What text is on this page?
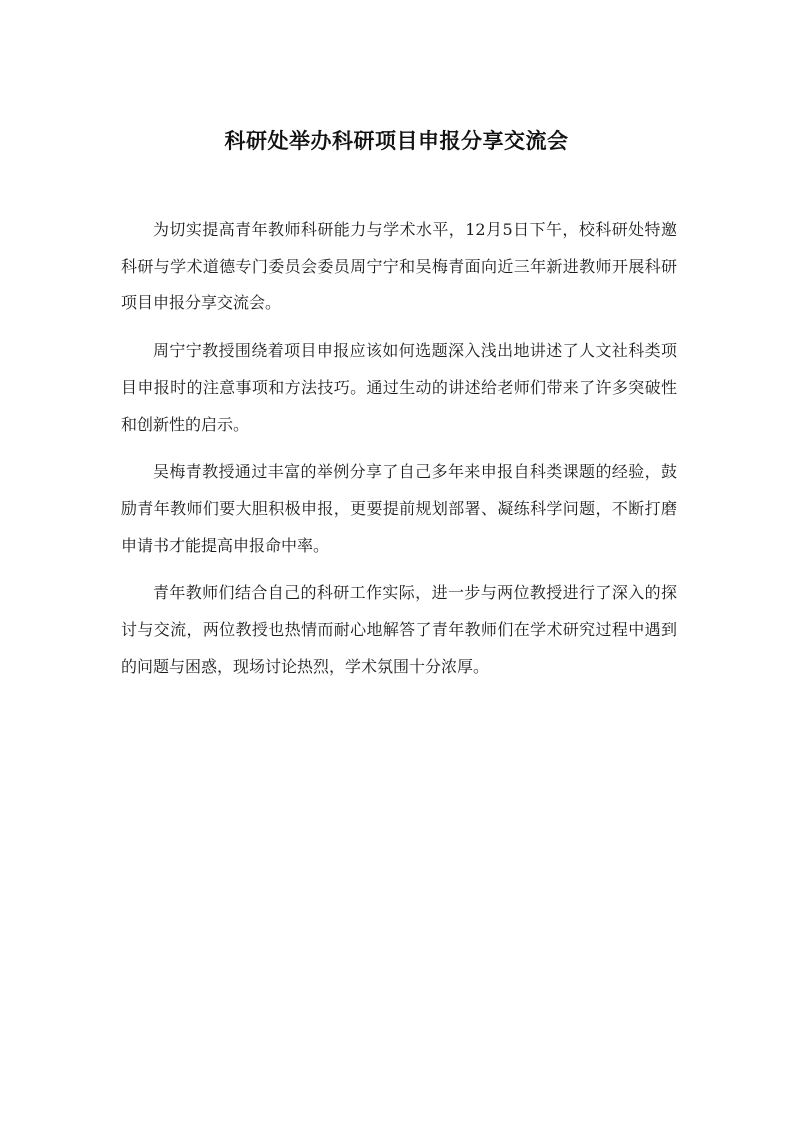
科研处举办科研项目申报分享交流会

为切实提高青年教师科研能力与学术水平，12月5日下午，校科研处特邀科研与学术道德专门委员会委员周宁宁和吴梅青面向近三年新进教师开展科研项目申报分享交流会。

周宁宁教授围绕着项目申报应该如何选题深入浅出地讲述了人文社科类项目申报时的注意事项和方法技巧。通过生动的讲述给老师们带来了许多突破性和创新性的启示。

吴梅青教授通过丰富的举例分享了自己多年来申报自科类课题的经验，鼓励青年教师们要大胆积极申报，更要提前规划部署、凝练科学问题，不断打磨申请书才能提高申报命中率。

青年教师们结合自己的科研工作实际，进一步与两位教授进行了深入的探讨与交流，两位教授也热情而耐心地解答了青年教师们在学术研究过程中遇到的问题与困惑，现场讨论热烈，学术氛围十分浓厚。
